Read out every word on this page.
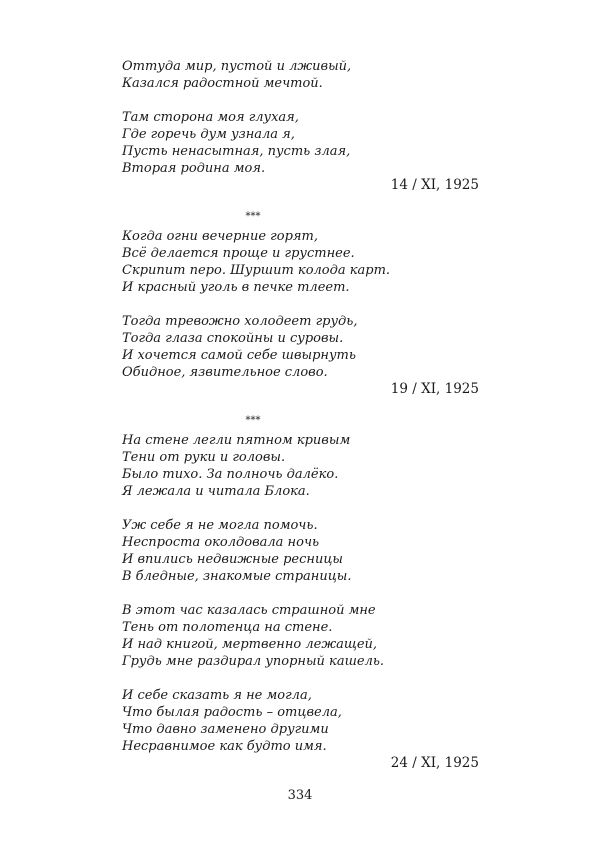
Оттуда мир, пустой и лживый,
Казался радостной мечтой.
Там сторона моя глухая,
Где горечь дум узнала я,
Пусть ненасытная, пусть злая,
Вторая родина моя.
14 / XI, 1925
***
Когда огни вечерние горят,
Всё делается проще и грустнее.
Скрипит перо. Шуршит колода карт.
И красный уголь в печке тлеет.
Тогда тревожно холодеет грудь,
Тогда глаза спокойны и суровы.
И хочется самой себе швырнуть
Обидное, язвительное слово.
19 / XI, 1925
***
На стене легли пятном кривым
Тени от руки и головы.
Было тихо. За полночь далёко.
Я лежала и читала Блока.
Уж себе я не могла помочь.
Неспроста околдовала ночь
И впились недвижные ресницы
В бледные, знакомые страницы.
В этот час казалась страшной мне
Тень от полотенца на стене.
И над книгой, мертвенно лежащей,
Грудь мне раздирал упорный кашель.
И себе сказать я не могла,
Что былая радость – отцвела,
Что давно заменено другими
Несравнимое как будто имя.
24 / XI, 1925
334
